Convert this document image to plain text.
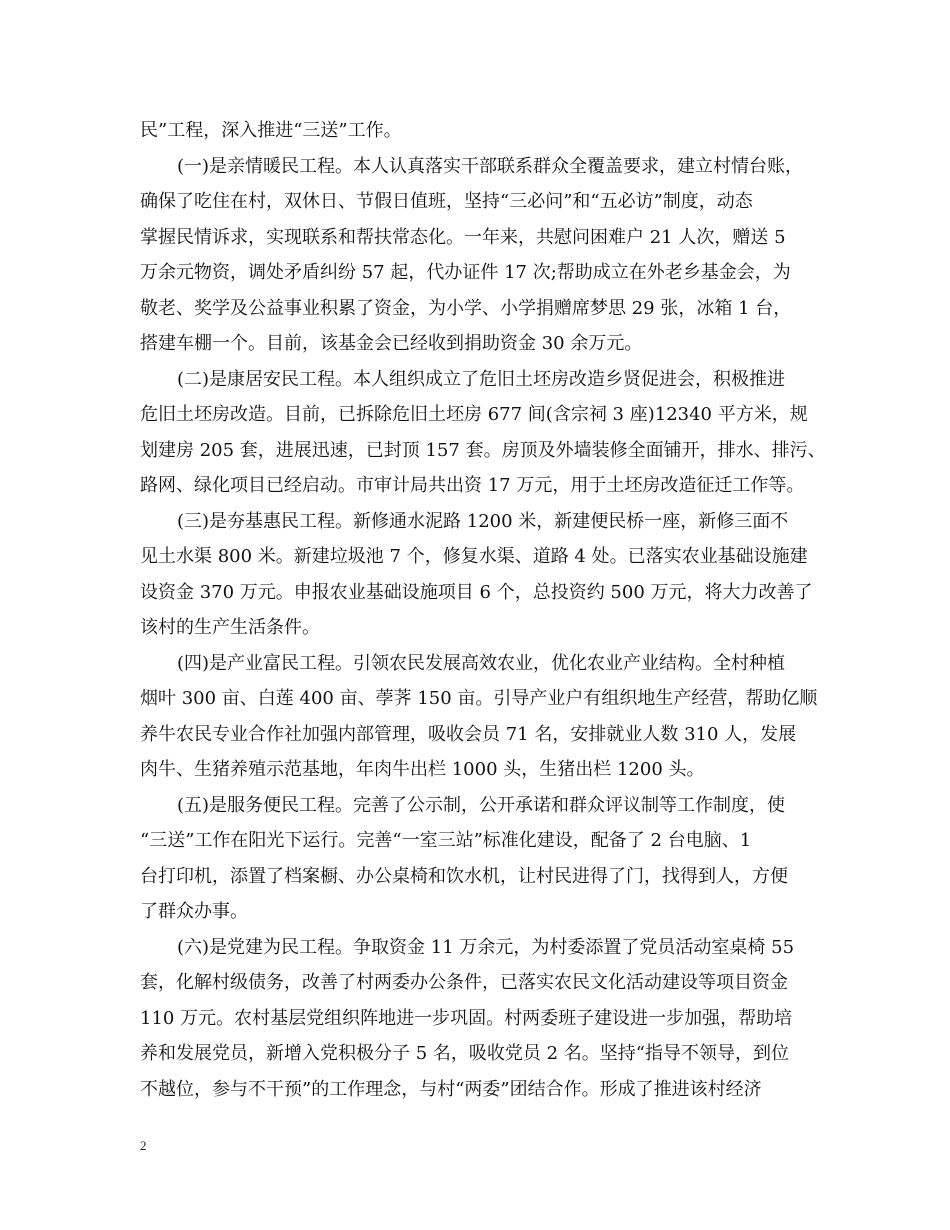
民”工程，深入推进“三送”工作。
(一)是亲情暖民工程。本人认真落实干部联系群众全覆盖要求，建立村情台账，
确保了吃住在村，双休日、节假日值班，坚持“三必问”和“五必访”制度，动态
掌握民情诉求，实现联系和帮扶常态化。一年来，共慰问困难户 21 人次，赠送 5
万余元物资，调处矛盾纠纷 57 起，代办证件 17 次;帮助成立在外老乡基金会，为
敬老、奖学及公益事业积累了资金，为小学、小学捐赠席梦思 29 张，冰箱 1 台，
搭建车棚一个。目前，该基金会已经收到捐助资金 30 余万元。
(二)是康居安民工程。本人组织成立了危旧土坯房改造乡贤促进会，积极推进
危旧土坯房改造。目前，已拆除危旧土坯房 677 间(含宗祠 3 座)12340 平方米，规
划建房 205 套，进展迅速，已封顶 157 套。房顶及外墙装修全面铺开，排水、排污、
路网、绿化项目已经启动。市审计局共出资 17 万元，用于土坯房改造征迁工作等。
(三)是夯基惠民工程。新修通水泥路 1200 米，新建便民桥一座，新修三面不
见土水渠 800 米。新建垃圾池 7 个，修复水渠、道路 4 处。已落实农业基础设施建
设资金 370 万元。申报农业基础设施项目 6 个，总投资约 500 万元，将大力改善了
该村的生产生活条件。
(四)是产业富民工程。引领农民发展高效农业，优化农业产业结构。全村种植
烟叶 300 亩、白莲 400 亩、荸荠 150 亩。引导产业户有组织地生产经营，帮助亿顺
养牛农民专业合作社加强内部管理，吸收会员 71 名，安排就业人数 310 人，发展
肉牛、生猪养殖示范基地，年肉牛出栏 1000 头，生猪出栏 1200 头。
(五)是服务便民工程。完善了公示制，公开承诺和群众评议制等工作制度，使
“三送”工作在阳光下运行。完善“一室三站”标准化建设，配备了 2 台电脑、1
台打印机，添置了档案橱、办公桌椅和饮水机，让村民进得了门，找得到人，方便
了群众办事。
(六)是党建为民工程。争取资金 11 万余元，为村委添置了党员活动室桌椅 55
套，化解村级债务，改善了村两委办公条件，已落实农民文化活动建设等项目资金
110 万元。农村基层党组织阵地进一步巩固。村两委班子建设进一步加强，帮助培
养和发展党员，新增入党积极分子 5 名，吸收党员 2 名。坚持“指导不领导，到位
不越位，参与不干预”的工作理念，与村“两委”团结合作。形成了推进该村经济
2
